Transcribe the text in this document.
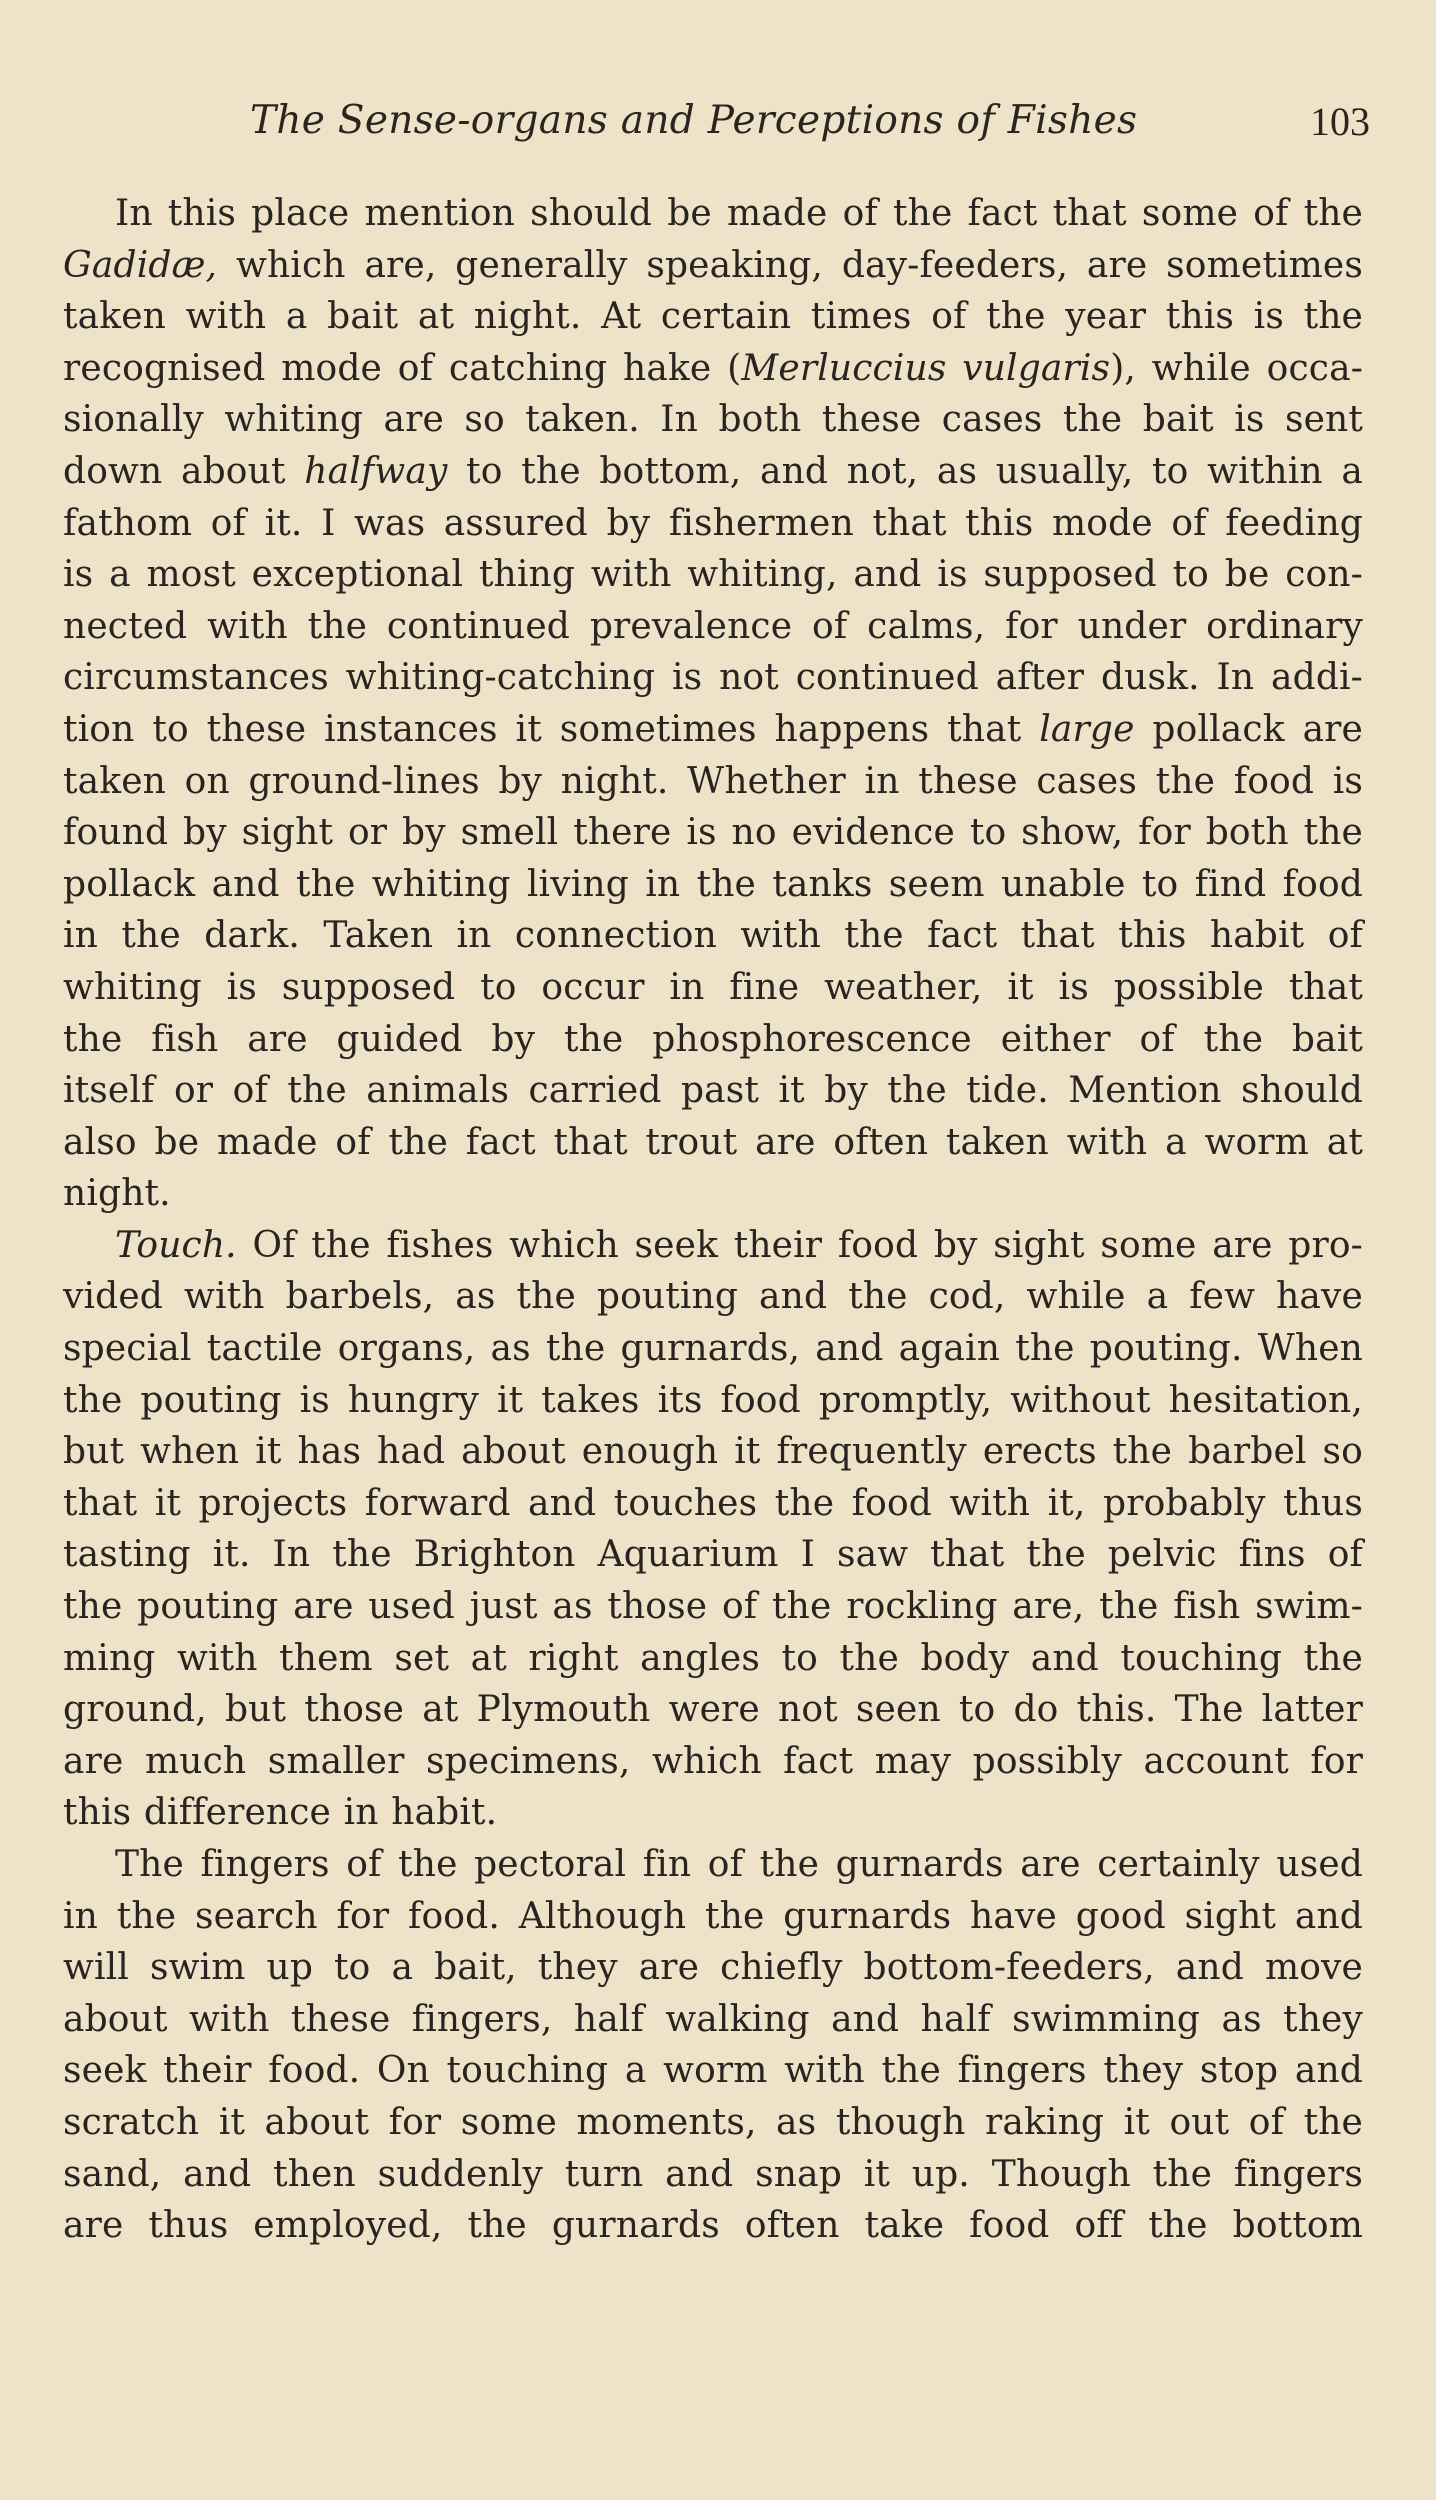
The Sense-organs and Perceptions of Fishes	103
In this place mention should be made of the fact that some of the
Gadidæ, which are, generally speaking, day-feeders, are sometimes
taken with a bait at night. At certain times of the year this is the
recognised mode of catching hake (Merluccius vulgaris), while occa-
sionally whiting are so taken. In both these cases the bait is sent
down about halfway to the bottom, and not, as usually, to within a
fathom of it. I was assured by fishermen that this mode of feeding
is a most exceptional thing with whiting, and is supposed to be con-
nected with the continued prevalence of calms, for under ordinary
circumstances whiting-catching is not continued after dusk. In addi-
tion to these instances it sometimes happens that large pollack are
taken on ground-lines by night. Whether in these cases the food is
found by sight or by smell there is no evidence to show, for both the
pollack and the whiting living in the tanks seem unable to find food
in the dark. Taken in connection with the fact that this habit of
whiting is supposed to occur in fine weather, it is possible that
the fish are guided by the phosphorescence either of the bait
itself or of the animals carried past it by the tide. Mention should
also be made of the fact that trout are often taken with a worm at
night.
Touch. Of the fishes which seek their food by sight some are pro-
vided with barbels, as the pouting and the cod, while a few have
special tactile organs, as the gurnards, and again the pouting. When
the pouting is hungry it takes its food promptly, without hesitation,
but when it has had about enough it frequently erects the barbel so
that it projects forward and touches the food with it, probably thus
tasting it. In the Brighton Aquarium I saw that the pelvic fins of
the pouting are used just as those of the rockling are, the fish swim-
ming with them set at right angles to the body and touching the
ground, but those at Plymouth were not seen to do this. The latter
are much smaller specimens, which fact may possibly account for
this difference in habit.
The fingers of the pectoral fin of the gurnards are certainly used
in the search for food. Although the gurnards have good sight and
will swim up to a bait, they are chiefly bottom-feeders, and move
about with these fingers, half walking and half swimming as they
seek their food. On touching a worm with the fingers they stop and
scratch it about for some moments, as though raking it out of the
sand, and then suddenly turn and snap it up. Though the fingers
are thus employed, the gurnards often take food off the bottom
